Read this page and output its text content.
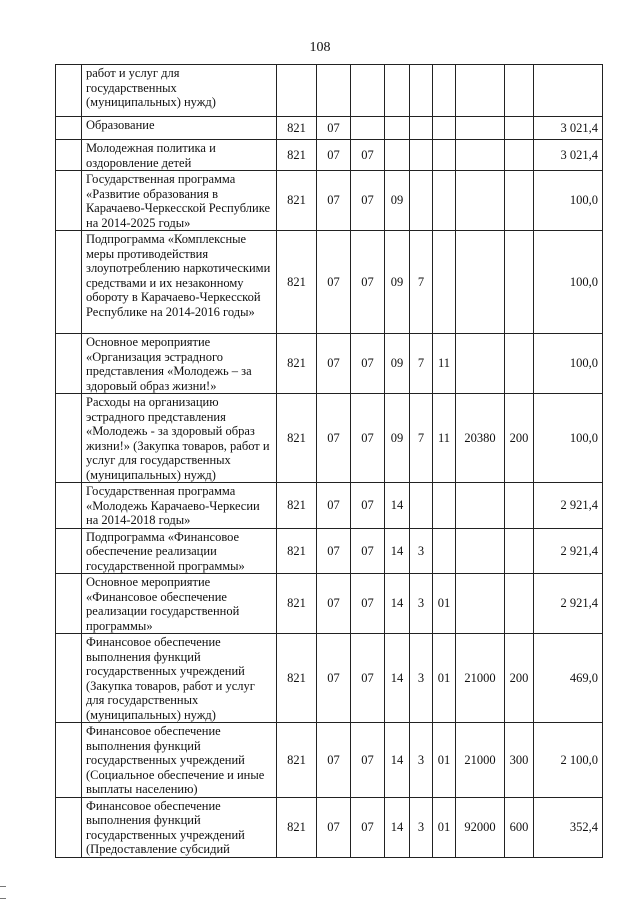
108
	работ и услуг для государственных (муниципальных) нужд)									
	Образование	821	07							3 021,4
	Молодежная политика и оздоровление детей	821	07	07						3 021,4
	Государственная программа «Развитие образования в Карачаево-Черкесской Республике на 2014-2025 годы»	821	07	07	09					100,0
	Подпрограмма «Комплексные меры противодействия злоупотреблению наркотическими средствами и их незаконному обороту в Карачаево-Черкесской Республике на 2014-2016 годы»	821	07	07	09	7				100,0
	Основное мероприятие «Организация эстрадного представления «Молодежь – за здоровый образ жизни!»	821	07	07	09	7	11			100,0
	Расходы на организацию эстрадного представления «Молодежь - за здоровый образ жизни!» (Закупка товаров, работ и услуг для государственных (муниципальных) нужд)	821	07	07	09	7	11	20380	200	100,0
	Государственная программа «Молодежь Карачаево-Черкесии на 2014-2018 годы»	821	07	07	14					2 921,4
	Подпрограмма «Финансовое обеспечение реализации государственной программы»	821	07	07	14	3				2 921,4
	Основное мероприятие «Финансовое обеспечение реализации государственной программы»	821	07	07	14	3	01			2 921,4
	Финансовое обеспечение выполнения функций государственных учреждений (Закупка товаров, работ и услуг для государственных (муниципальных) нужд)	821	07	07	14	3	01	21000	200	469,0
	Финансовое обеспечение выполнения функций государственных учреждений (Социальное обеспечение и иные выплаты населению)	821	07	07	14	3	01	21000	300	2 100,0
	Финансовое обеспечение выполнения функций государственных учреждений (Предоставление субсидий	821	07	07	14	3	01	92000	600	352,4
